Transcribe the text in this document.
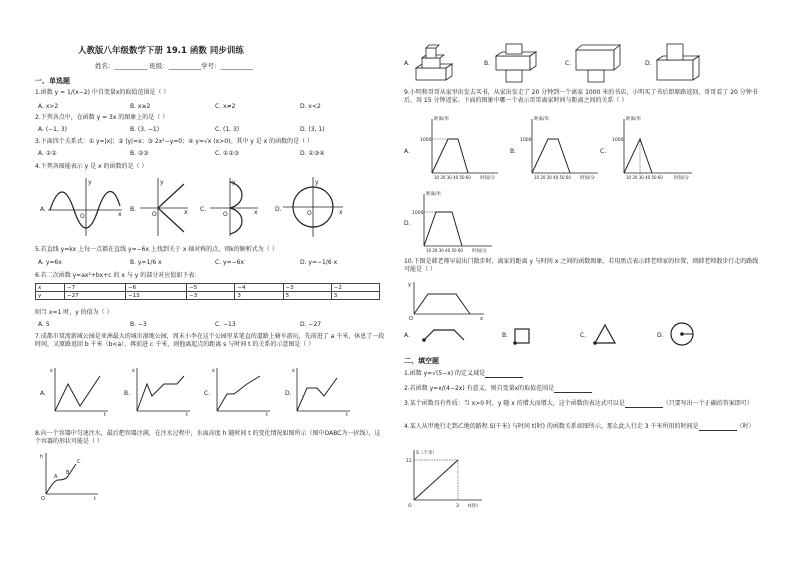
人教版八年级数学下册 19.1 函数 同步训练
姓名：__________ 班级：__________学号：__________
一、单选题
1.函数 y = 1/(x−2) 中自变量x的取值范围是（ ）
A. x>2	B. x≥2	C. x≠2	D. x<2
2.下列各点中，在函数 y = 3x 的图象上的是（ ）
A. (−1, 3)	B. (3, −1)	C. (1, 3)	D. (3, 1)
3.下面四个关系式：① y=|x|；② |y|=x；③ 2x²−y=0；④ y=√x (x>0)。其中 y 是 x 的函数的是（ ）
A. ①②	B. ②③	C. ①②③	D. ①③④
4.下列各图能表示 y 是 x 的函数的是（ ）
A.	B.	C.	D.
y
x
O
y
x
O
y
x
O
y
x
O
5.若直线 y=kx 上每一点都在直线 y=−6x 上找到关于 x 轴对称的点，则k的解析式为（ ）
A. y=6x	B. y=1/6 x	C. y=−6x	D. y=−1/6 x
6.若二次函数 y=ax²+bx+c 的 x 与 y 的部分对应值如下表：
x	−7	−6	−5	−4	−3	−2
y	−27	−13	−3	3	5	3
则当 x=1 时，y 的值为（ ）
A. 5	B. −3	C. −13	D. −27
7.成都市双流新城公园是亚洲最大的城市湿地公园，周末小李在这个公园里某笔直的道路上骑车游玩，先前进了 a 千米，休息了一段时间，又原路返回 b 千米（b<a），再前进 c 千米，则他离起点的距离 s 与时间 t 的关系的示意图是（ ）
A.	B.	C.	D.
s
t
s
t
s
t
s
t
8.向一个容器中匀速注水，最后把容器注满，在注水过程中，水面高度 h 随时间 t 的变化情况如图所示（图中OABC为一折线），这个容器的形状可能是（ ）
h
A
B
C
O	t
A.	B.	C.	D.
9.小明和哥哥从家里出发去买书，从家出发走了 20 分钟到一个离家 1000 米的书店，小明买了书后即原路返回，哥哥看了 20 分钟书后，用 15 分钟返家。下面的图象中哪一个表示哥哥离家时间与距离之间的关系（ ）
A.	B.	C.
D.
距离/米
1000
10 20 30 40 50 60 时间/分
距离/米
1000
10 20 30 40 50 60 时间/分
距离/米
1000
10 20 30 40 50 60 时间/分
距离/米
1000
10 20 30 40 50 60 时间/分
10.下图是韩老师早晨出门散步时，离家的距离 y 与时间 x 之间的函数图象，若用黑点表示韩老师家的位置，则韩老师散步行走的路线可能是（ ）
y
x
O
A.	B.	C.	D.
二、填空题
1.函数 y=√(5−x) 的定义域是
2.若函数 y=x/(4−2x) 有意义，则自变量x的取值范围是
3.某个函数具有性质：当 x>0 时，y 随 x 的增大而增大，这个函数的表达式可以是	（只要写出一个正确的答案即可）
4.某人从甲地行走到乙地的路程 S(千米) 与时间 t(时) 的函数关系如图所示，那么此人行走 3 千米所用的时间是	（时）
S（千米）
12
3 t(时)
O
